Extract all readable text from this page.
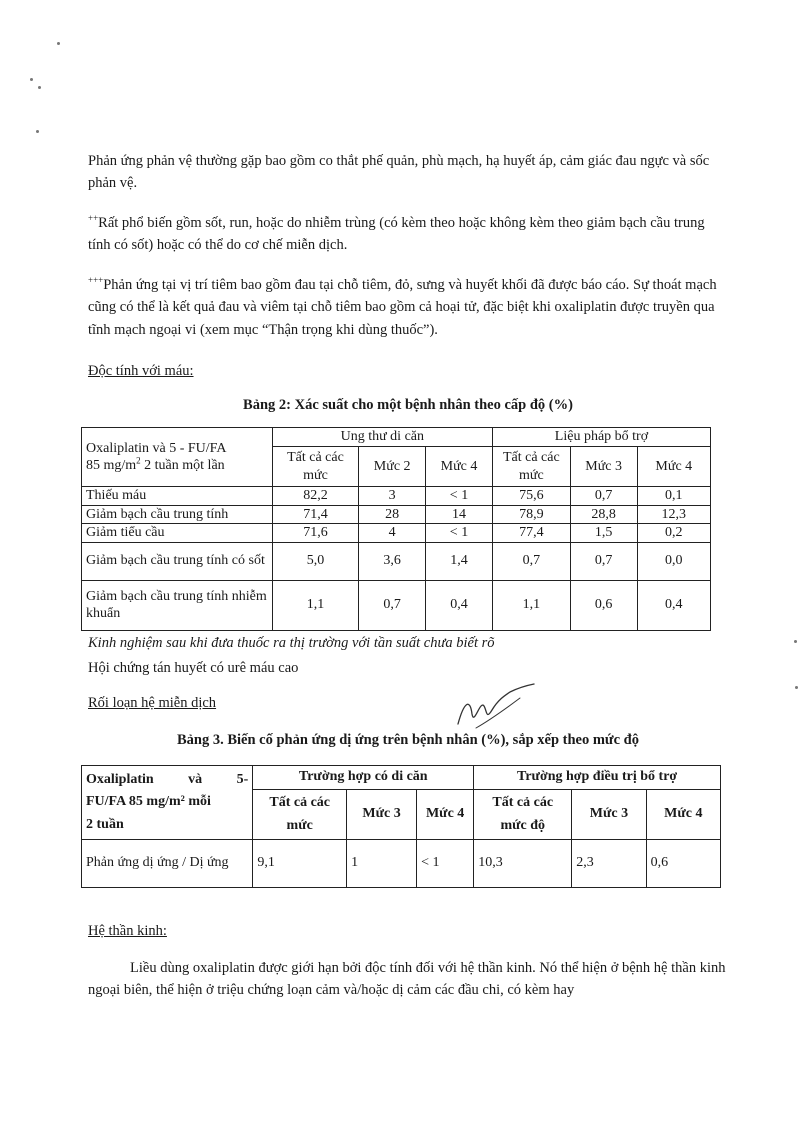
Phản ứng phản vệ thường gặp bao gồm co thắt phế quản, phù mạch, hạ huyết áp, cảm giác đau ngực và sốc phản vệ.

++Rất phổ biến gồm sốt, run, hoặc do nhiễm trùng (có kèm theo hoặc không kèm theo giảm bạch cầu trung tính có sốt) hoặc có thể do cơ chế miễn dịch.

+++Phản ứng tại vị trí tiêm bao gồm đau tại chỗ tiêm, đỏ, sưng và huyết khối đã được báo cáo. Sự thoát mạch cũng có thể là kết quả đau và viêm tại chỗ tiêm bao gồm cả hoại tử, đặc biệt khi oxaliplatin được truyền qua tĩnh mạch ngoại vi (xem mục “Thận trọng khi dùng thuốc”).

Độc tính với máu:

Bảng 2: Xác suất cho một bệnh nhân theo cấp độ (%)

Oxaliplatin và 5 - FU/FA
85 $mg/m^2$ 2 tuần một lần	Ung thư di căn			Liệu pháp bổ trợ		
	Tất cả các mức	Mức 2	Mức 4	Tất cả các mức	Mức 3	Mức 4
Thiếu máu	82,2	3	< 1	75,6	0,7	0,1
Giảm bạch cầu trung tính	71,4	28	14	78,9	28,8	12,3
Giảm tiểu cầu	71,6	4	< 1	77,4	1,5	0,2
Giảm bạch cầu trung tính có sốt	5,0	3,6	1,4	0,7	0,7	0,0
Giảm bạch cầu trung tính nhiễm khuẩn	1,1	0,7	0,4	1,1	0,6	0,4

Kinh nghiệm sau khi đưa thuốc ra thị trường với tần suất chưa biết rõ

Hội chứng tán huyết có urê máu cao

Rối loạn hệ miễn dịch

Bảng 3. Biến cố phản ứng dị ứng trên bệnh nhân (%), sắp xếp theo mức độ

Oxaliplatin và 5-
FU/FA 85 mg/m² mỗi
2 tuần	Trường hợp có di căn			Trường hợp điều trị bổ trợ		
	Tất cả các mức	Mức 3	Mức 4	Tất cả các mức độ	Mức 3	Mức 4
Phản ứng dị ứng / Dị ứng	9,1	1	< 1	10,3	2,3	0,6

Hệ thần kinh:

Liều dùng oxaliplatin được giới hạn bởi độc tính đối với hệ thần kinh. Nó thể hiện ở bệnh hệ thần kinh ngoại biên, thể hiện ở triệu chứng loạn cảm và/hoặc dị cảm các đầu chi, có kèm hay
